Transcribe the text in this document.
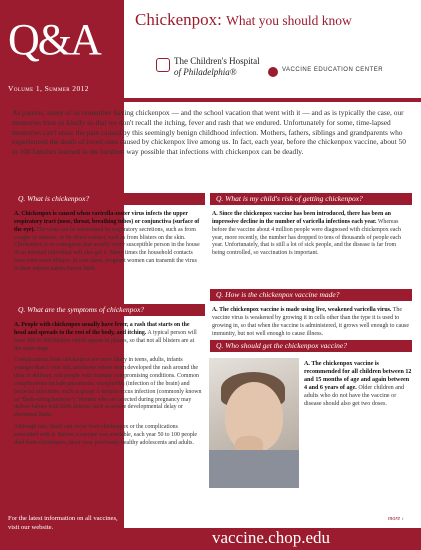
Q&A
Volume 1, Summer 2012
Chickenpox: What you should know
The Children's Hospital
of Philadelphia®	VACCINE EDUCATION CENTER
As parents, many of us remember having chickenpox — and the school vacation that went with it — and as is typically the case, our memories treat us kindly so that we don't recall the itching, fever and rash that we endured. Unfortunately for some, time-lapsed memories can't erase the pain caused by this seemingly benign childhood infection. Mothers, fathers, siblings and grandparents who experienced the death of loved ones caused by chickenpox live among us. In fact, each year, before the chickenpox vaccine, about 50 to 100 families learned in the harshest way possible that infections with chickenpox can be deadly.
Q. What is chickenpox?

A. Chickenpox is caused when varicella-zoster virus infects the upper respiratory tract (nose, throat, breathing tubes) or conjunctiva (surface of the eye). The virus can be transmitted by respiratory secretions, such as from coughs or sneezes, or by direct contact, such as from blisters on the skin. Chickenpox is so contagious that usually every susceptible person in the house of an infected individual will also get it. Many times the household contacts have even more blisters. In rare cases, pregnant women can transmit the virus to their unborn babies before birth.

Q. What are the symptoms of chickenpox?

A. People with chickenpox usually have fever, a rash that starts on the head and spreads to the rest of the body, and itching. A typical person will have 300 to 500 blisters which appear in phases, so that not all blisters are at the same stage.

Complications from chickenpox are more likely in teens, adults, infants younger than 1 year old, newborns whose mom developed the rash around the time of delivery, and people with immune compromising conditions. Common complications include pneumonia, encephalitis (infection of the brain) and bacterial infections, such as group A streptococcus infection (commonly known as "flesh-eating bacteria"). Women who are infected during pregnancy may deliver babies with birth defects, such as severe developmental delay or shortened limbs.

Although rare, death can occur from chickenpox or the complications associated with it. Before a vaccine was available, each year 50 to 100 people died from chickenpox; most were previously healthy adolescents and adults.

Q. What is my child's risk of getting chickenpox?

A. Since the chickenpox vaccine has been introduced, there has been an impressive decline in the number of varicella infections each year. Whereas before the vaccine about 4 million people were diagnosed with chickenpox each year, more recently, the number has dropped to tens of thousands of people each year. Unfortunately, that is still a lot of sick people, and the disease is far from being controlled, so vaccination is important.

Q. How is the chickenpox vaccine made?

A. The chickenpox vaccine is made using live, weakened varicella virus. The vaccine virus is weakened by growing it in cells other than the type it is used to growing in, so that when the vaccine is administered, it grows well enough to cause immunity, but not well enough to cause illness.

Q. Who should get the chickenpox vaccine?

A. The chickenpox vaccine is recommended for all children between 12 and 15 months of age and again between 4 and 6 years of age. Older children and adults who do not have the vaccine or disease should also get two doses.

more ›
For the latest information on all vaccines, visit our website.
vaccine.chop.edu
